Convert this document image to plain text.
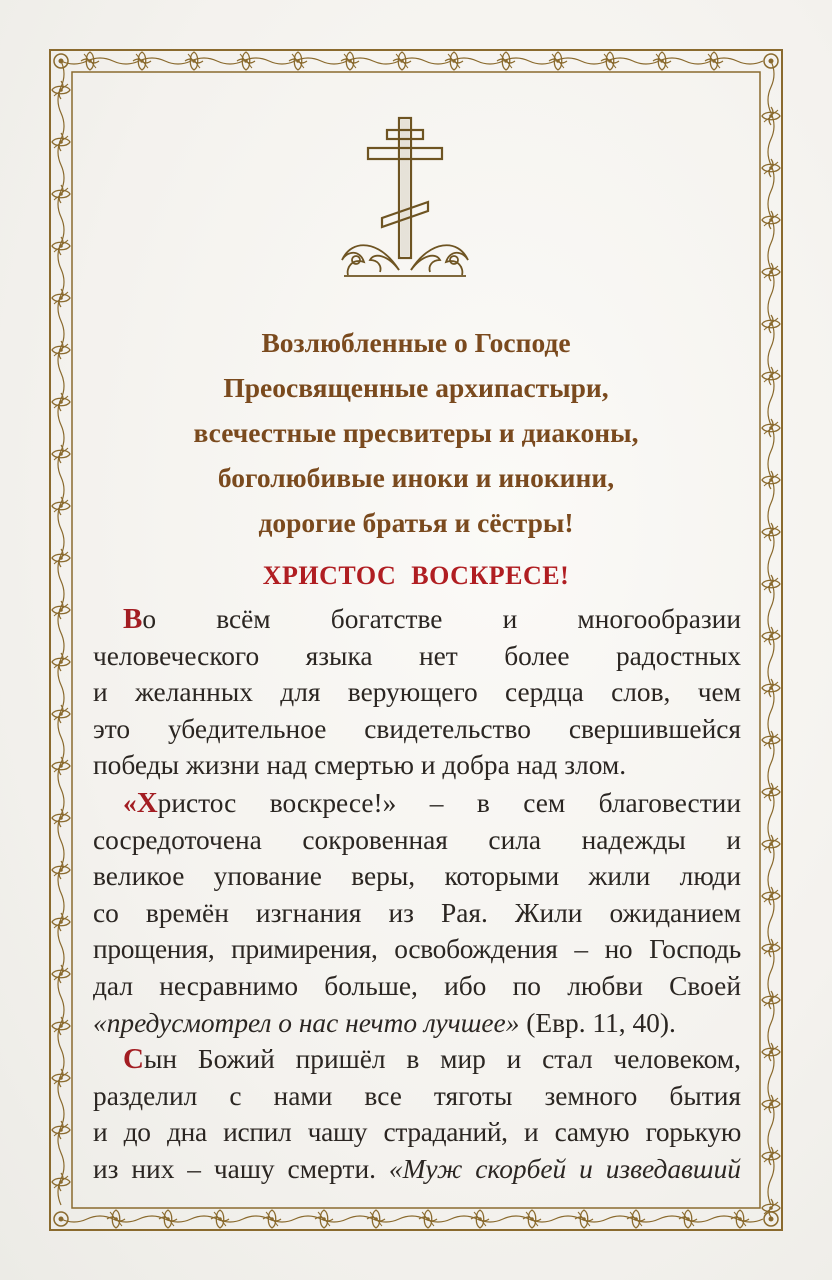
Возлюбленные о Господе
Преосвященные архипастыри,
всечестные пресвитеры и диаконы,
боголюбивые иноки и инокини,
дорогие братья и сёстры!
ХРИСТОС ВОСКРЕСЕ!
Во всём богатстве и многообразии
человеческого языка нет более радостных
и желанных для верующего сердца слов, чем
это убедительное свидетельство свершившейся
победы жизни над смертью и добра над злом.
«Христос воскресе!» – в сем благовестии
сосредоточена сокровенная сила надежды и
великое упование веры, которыми жили люди
со времён изгнания из Рая. Жили ожиданием
прощения, примирения, освобождения – но Господь
дал несравнимо больше, ибо по любви Своей
«предусмотрел о нас нечто лучшее» (Евр. 11, 40).
Сын Божий пришёл в мир и стал человеком,
разделил с нами все тяготы земного бытия
и до дна испил чашу страданий, и самую горькую
из них – чашу смерти. «Муж скорбей и изведавший
